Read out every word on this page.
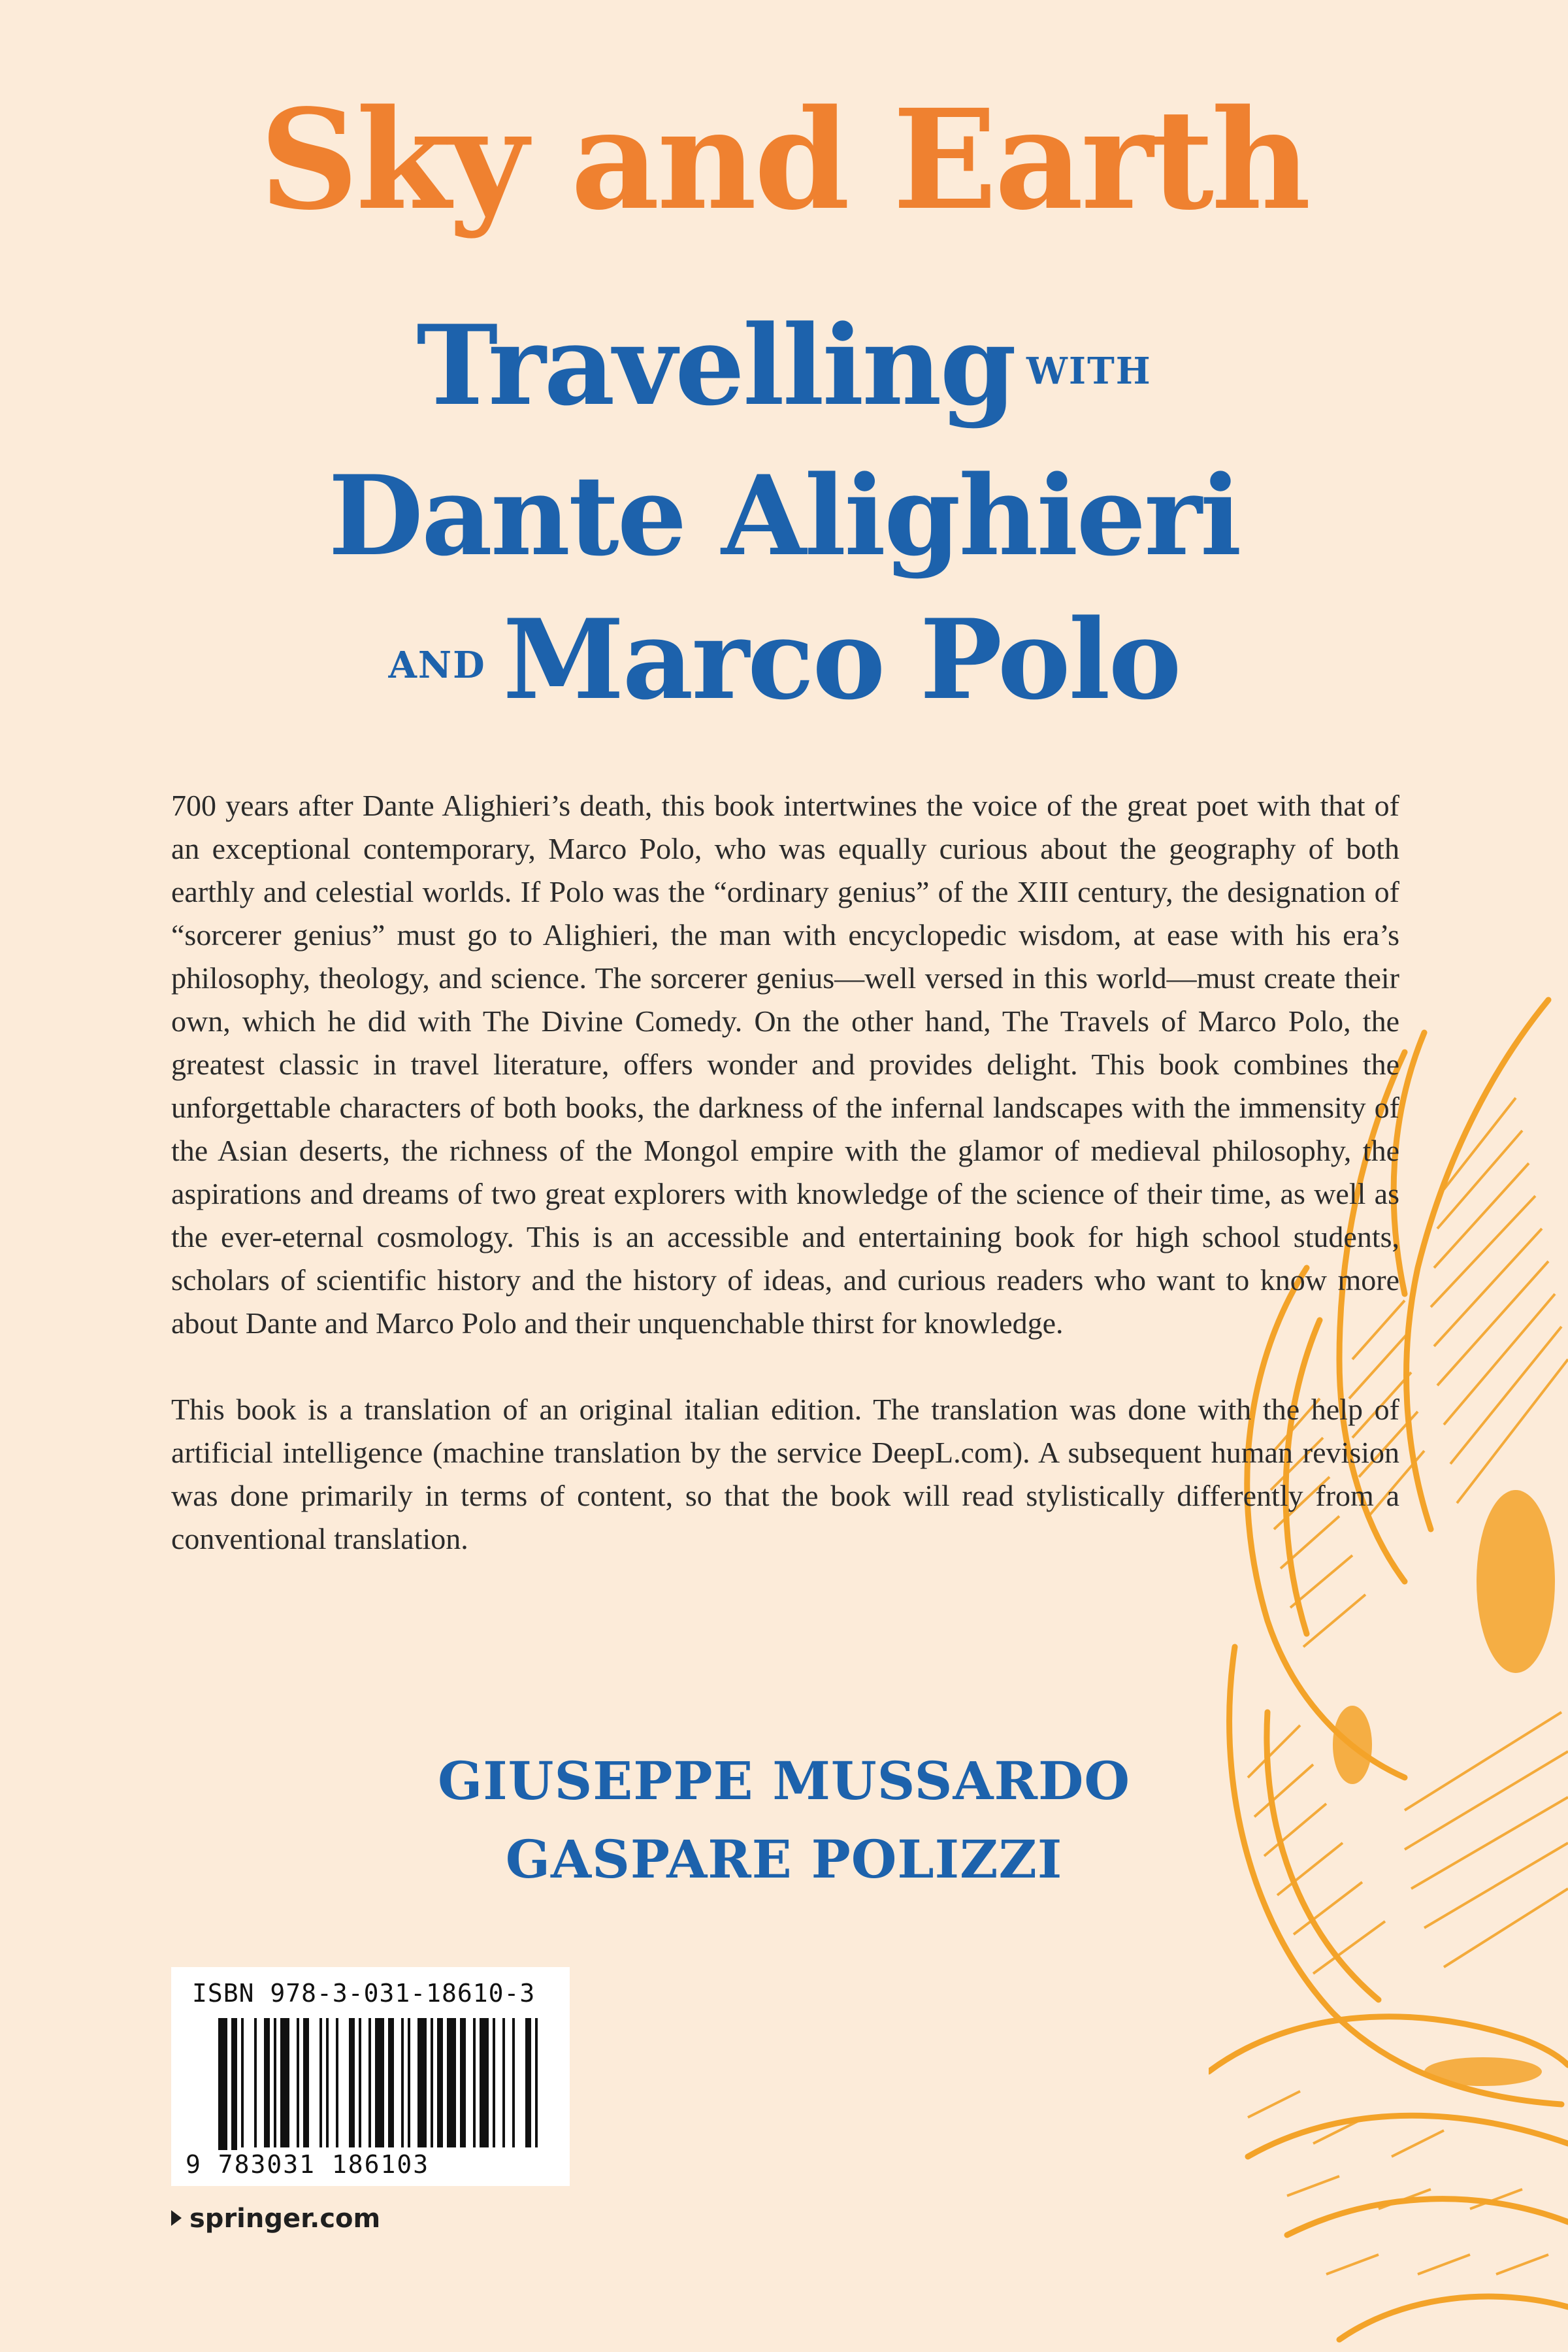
Sky and Earth
Travelling WITH
Dante Alighieri
AND Marco Polo

700 years after Dante Alighieri’s death, this book intertwines the voice of the great poet with that of an exceptional contemporary, Marco Polo, who was equally curious about the geography of both earthly and celestial worlds. If Polo was the “ordinary genius” of the XIII century, the designation of “sorcerer genius” must go to Alighieri, the man with encyclopedic wisdom, at ease with his era’s philosophy, theology, and science. The sorcerer genius—well versed in this world—must create their own, which he did with The Divine Comedy. On the other hand, The Travels of Marco Polo, the greatest classic in travel literature, offers wonder and provides delight. This book combines the unforgettable characters of both books, the darkness of the infernal landscapes with the immensity of the Asian deserts, the richness of the Mongol empire with the glamor of medieval philosophy, the aspirations and dreams of two great explorers with knowledge of the science of their time, as well as the ever-eternal cosmology. This is an accessible and entertaining book for high school students, scholars of scientific history and the history of ideas, and curious readers who want to know more about Dante and Marco Polo and their unquenchable thirst for knowledge.

This book is a translation of an original italian edition. The translation was done with the help of artificial intelligence (machine translation by the service DeepL.com). A subsequent human revision was done primarily in terms of content, so that the book will read stylistically differently from a conventional translation.

GIUSEPPE MUSSARDO
GASPARE POLIZZI
ISBN 978-3-031-18610-3
9 783031 186103
springer.com
